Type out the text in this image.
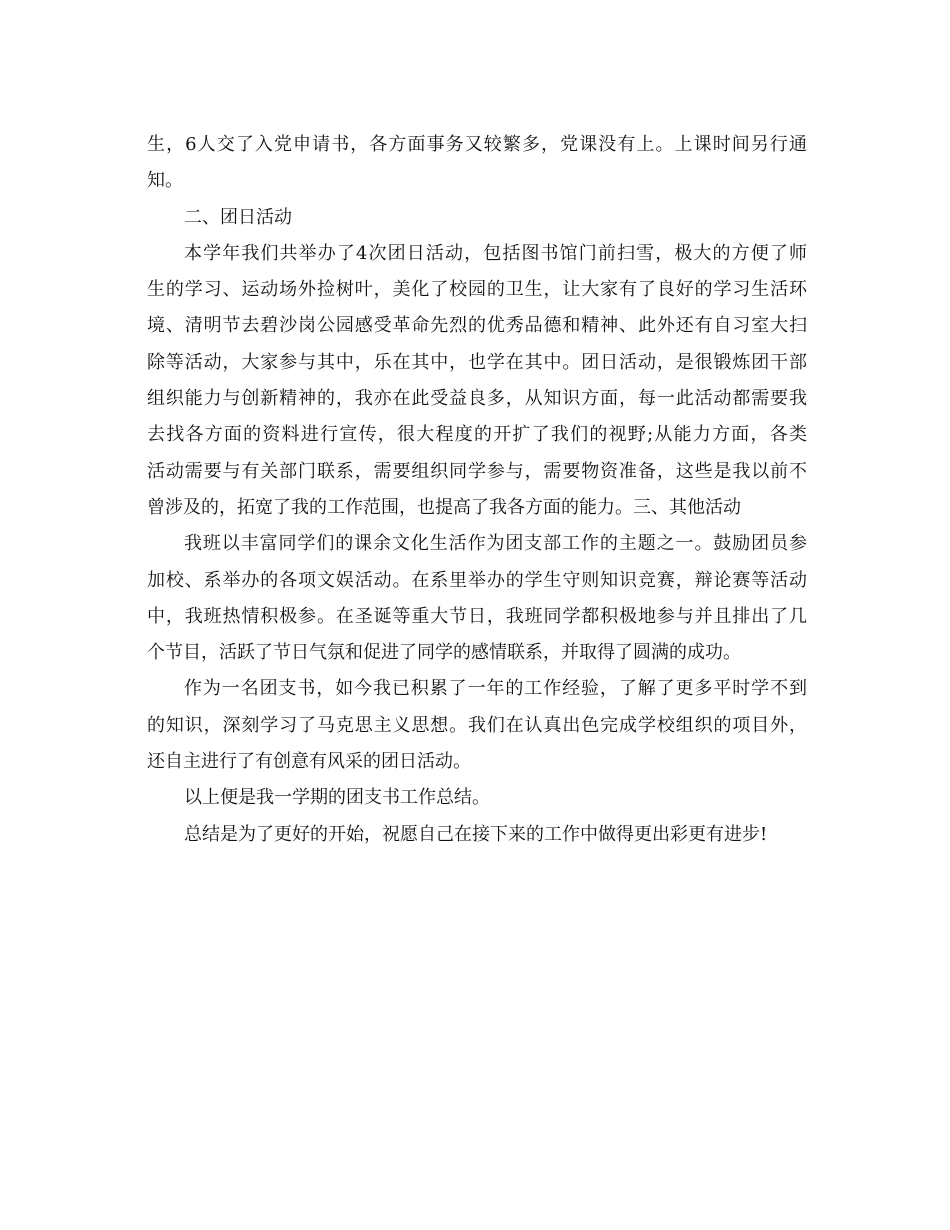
生，6人交了入党申请书，各方面事务又较繁多，党课没有上。上课时间另行通
知。
二、团日活动
本学年我们共举办了4次团日活动，包括图书馆门前扫雪，极大的方便了师
生的学习、运动场外捡树叶，美化了校园的卫生，让大家有了良好的学习生活环
境、清明节去碧沙岗公园感受革命先烈的优秀品德和精神、此外还有自习室大扫
除等活动，大家参与其中，乐在其中，也学在其中。团日活动，是很锻炼团干部
组织能力与创新精神的，我亦在此受益良多，从知识方面，每一此活动都需要我
去找各方面的资料进行宣传，很大程度的开扩了我们的视野;从能力方面，各类
活动需要与有关部门联系，需要组织同学参与，需要物资准备，这些是我以前不
曾涉及的，拓宽了我的工作范围，也提高了我各方面的能力。三、其他活动
我班以丰富同学们的课余文化生活作为团支部工作的主题之一。鼓励团员参
加校、系举办的各项文娱活动。在系里举办的学生守则知识竞赛，辩论赛等活动
中，我班热情积极参。在圣诞等重大节日，我班同学都积极地参与并且排出了几
个节目，活跃了节日气氛和促进了同学的感情联系，并取得了圆满的成功。
作为一名团支书，如今我已积累了一年的工作经验，了解了更多平时学不到
的知识，深刻学习了马克思主义思想。我们在认真出色完成学校组织的项目外，
还自主进行了有创意有风采的团日活动。
以上便是我一学期的团支书工作总结。
总结是为了更好的开始，祝愿自己在接下来的工作中做得更出彩更有进步!
